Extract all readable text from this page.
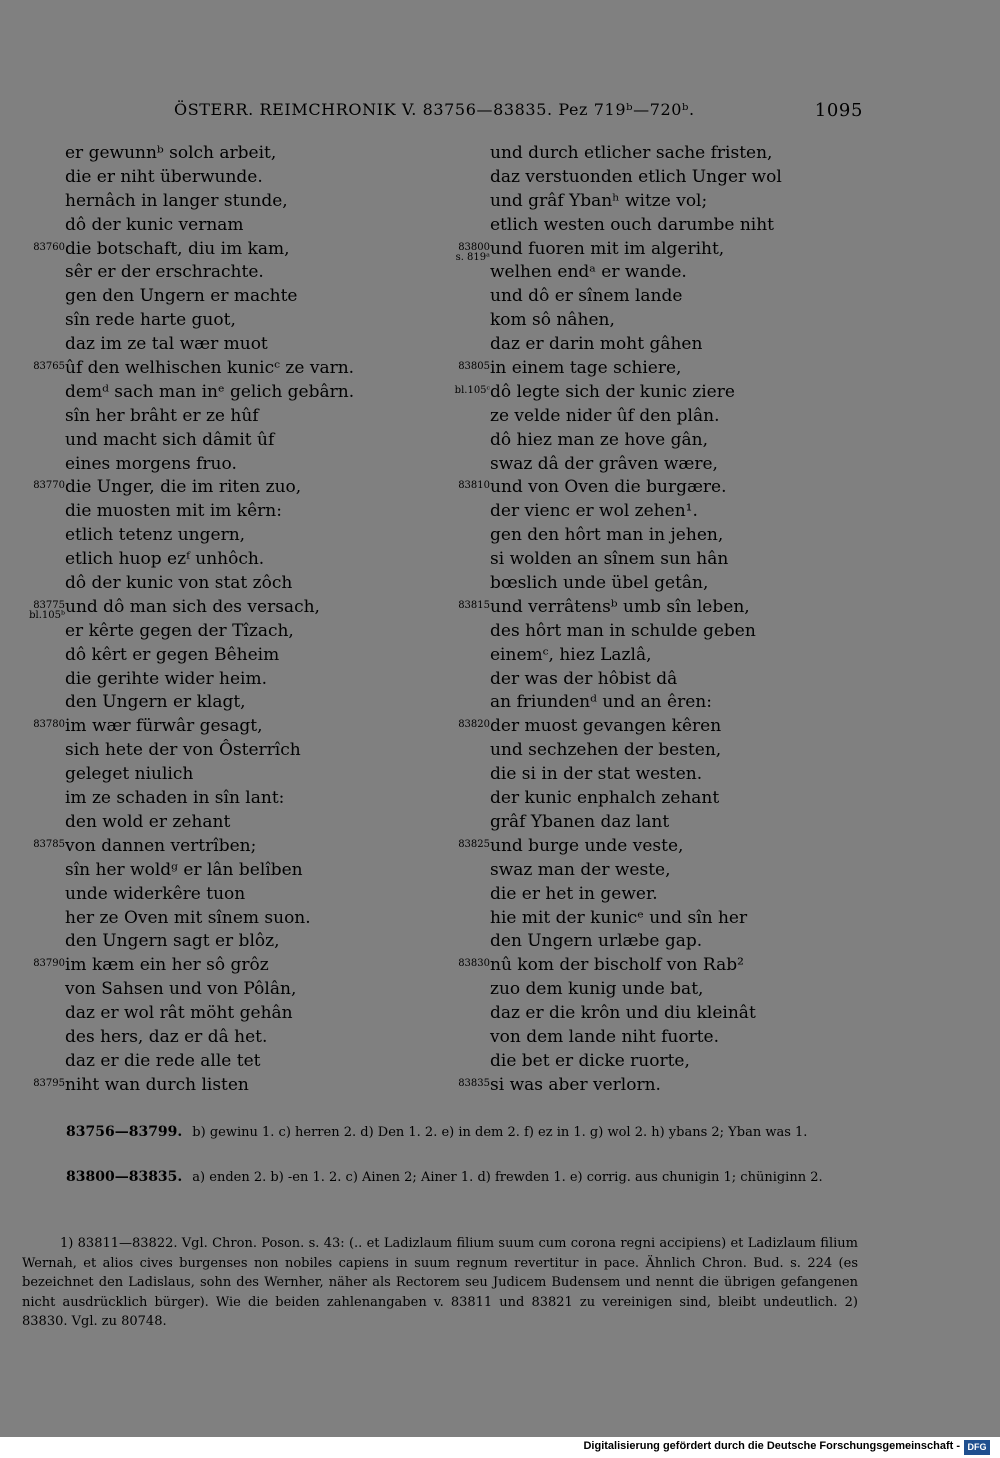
ÖSTERR. REIMCHRONIK V. 83756—83835. Pez 719ᵇ—720ᵇ.	1095
er gewunnᵇ solch arbeit,
die er niht überwunde.
hernâch in langer stunde,
dô der kunic vernam
83760 die botschaft, diu im kam,
sêr er der erschrachte.
gen den Ungern er machte
sîn rede harte guot,
daz im ze tal wær muot
83765 ûf den welhischen kunicᶜ ze varn.
demᵈ sach man inᵉ gelich gebârn.
sîn her brâht er ze hûf
und macht sich dâmit ûf
eines morgens fruo.
83770 die Unger, die im riten zuo,
die muosten mit im kêrn:
etlich tetenz ungern,
etlich huop ezᶠ unhôch.
dô der kunic von stat zôch
83775
bl.105ᵇ und dô man sich des versach,
er kêrte gegen der Tîzach,
dô kêrt er gegen Bêheim
die gerihte wider heim.
den Ungern er klagt,
83780 im wær fürwâr gesagt,
sich hete der von Ôsterrîch
geleget niulich
im ze schaden in sîn lant:
den wold er zehant
83785 von dannen vertrîben;
sîn her woldᵍ er lân belîben
unde widerkêre tuon
her ze Oven mit sînem suon.
den Ungern sagt er blôz,
83790 im kæm ein her sô grôz
von Sahsen und von Pôlân,
daz er wol rât möht gehân
des hers, daz er dâ het.
daz er die rede alle tet
83795 niht wan durch listen
und durch etlicher sache fristen,
daz verstuonden etlich Unger wol
und grâf Ybanʰ witze vol;
etlich westen ouch darumbe niht
83800
s. 819ᵃ und fuoren mit im algeriht,
welhen endᵃ er wande.
und dô er sînem lande
kom sô nâhen,
daz er darin moht gâhen
83805 in einem tage schiere,
bl.105ᶜ dô legte sich der kunic ziere
ze velde nider ûf den plân.
dô hiez man ze hove gân,
swaz dâ der grâven wære,
83810 und von Oven die burgære.
der vienc er wol zehen¹.
gen den hôrt man in jehen,
si wolden an sînem sun hân
bœslich unde übel getân,
83815 und verrâtensᵇ umb sîn leben,
des hôrt man in schulde geben
einemᶜ, hiez Lazlâ,
der was der hôbist dâ
an friundenᵈ und an êren:
83820 der muost gevangen kêren
und sechzehen der besten,
die si in der stat westen.
der kunic enphalch zehant
grâf Ybanen daz lant
83825 und burge unde veste,
swaz man der weste,
die er het in gewer.
hie mit der kunicᵉ und sîn her
den Ungern urlæbe gap.
83830 nû kom der bischolf von Rab²
zuo dem kunig unde bat,
daz er die krôn und diu kleinât
von dem lande niht fuorte.
die bet er dicke ruorte,
83835 si was aber verlorn.
83756—83799. b) gewinu 1. c) herren 2. d) Den 1. 2. e) in dem 2. f) ez in 1. g) wol 2. h) ybans 2; Yban was 1.
83800—83835. a) enden 2. b) -en 1. 2. c) Ainen 2; Ainer 1. d) frewden 1. e) corrig. aus chunigin 1; chüniginn 2.

1) 83811—83822. Vgl. Chron. Poson. s. 43: (.. et Ladizlaum filium suum cum corona regni accipiens) et Ladizlaum filium Wernah, et alios cives burgenses non nobiles capiens in suum regnum revertitur in pace. Ähnlich Chron. Bud. s. 224 (es bezeichnet den Ladislaus, sohn des Wernher, näher als Rectorem seu Judicem Budensem und nennt die übrigen gefangenen nicht ausdrücklich bürger). Wie die beiden zahlenangaben v. 83811 und 83821 zu vereinigen sind, bleibt undeutlich. 2) 83830. Vgl. zu 80748.

Digitalisierung gefördert durch die Deutsche Forschungsgemeinschaft - DFG
